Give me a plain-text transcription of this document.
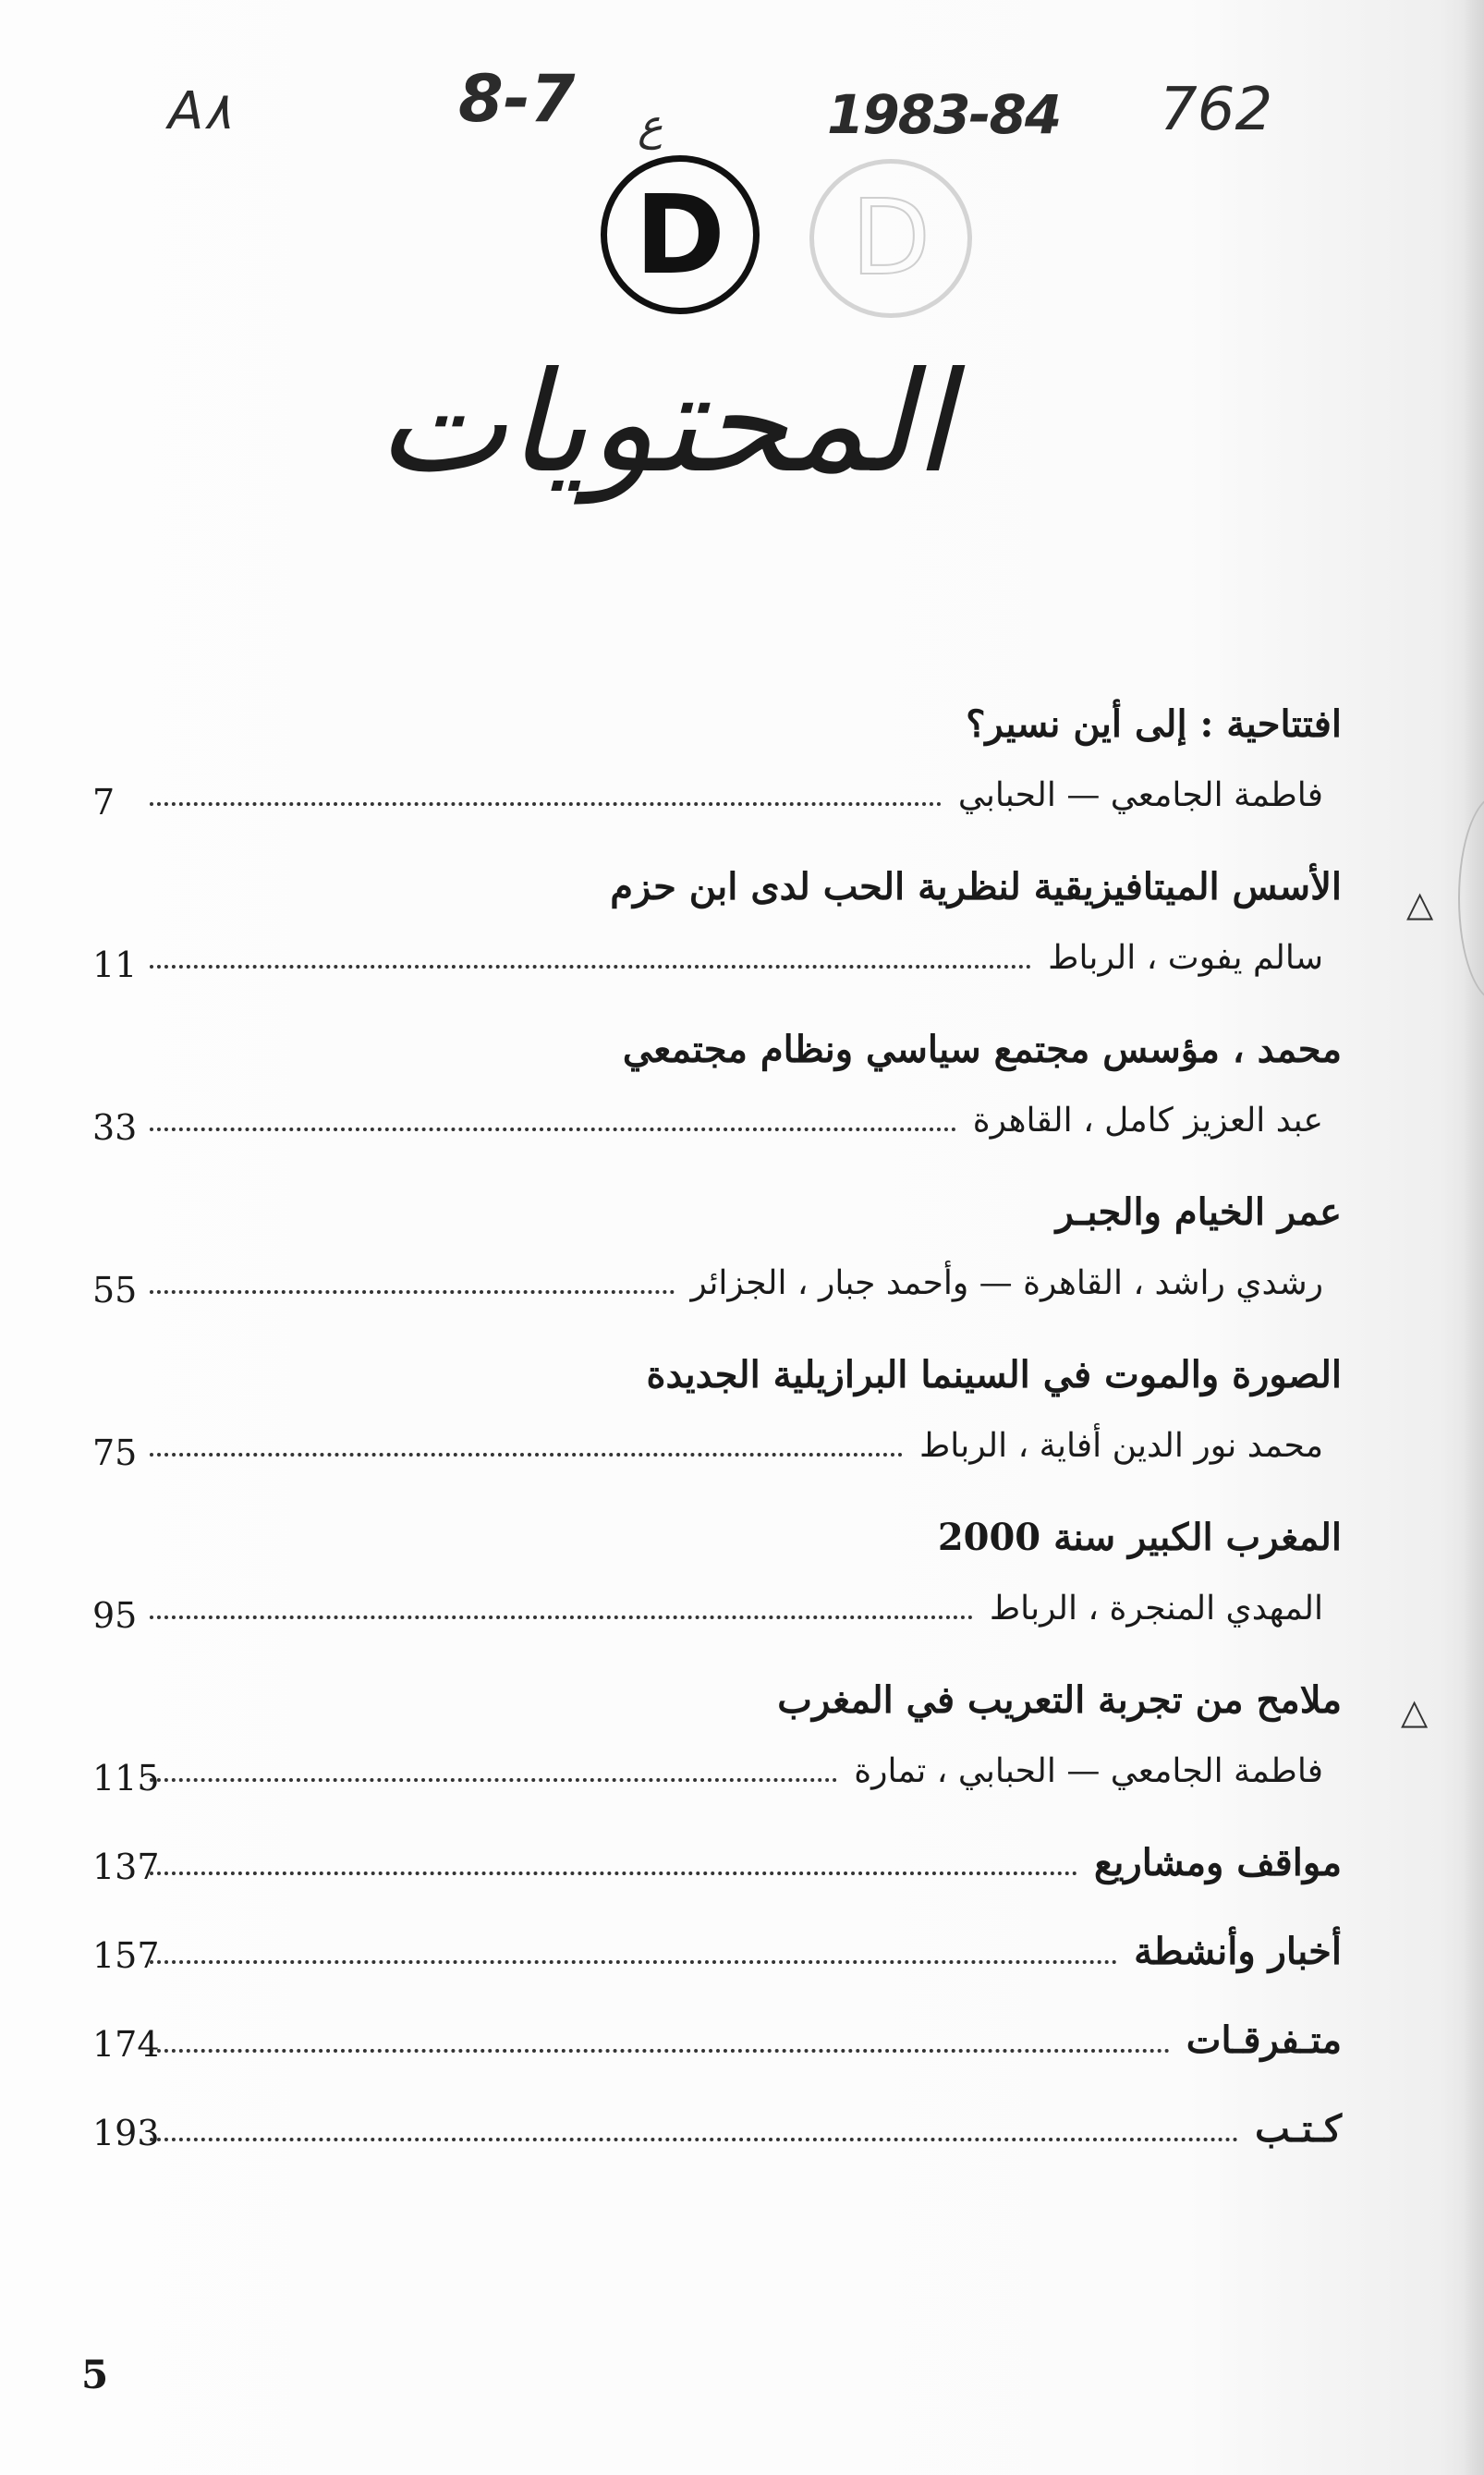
A٨	8-7 ع	1983-84 762
D D
المحتويات
△
△
افتتاحية : إلى أين نسير؟
فاطمة الجامعي — الحبابي
7
الأسس الميتافيزيقية لنظرية الحب لدى ابن حزم
سالم يفوت ، الرباط
11
محمد ، مؤسس مجتمع سياسي ونظام مجتمعي
عبد العزيز كامل ، القاهرة
33
عمر الخيام والجبـر
رشدي راشد ، القاهرة — وأحمد جبار ، الجزائر
55
الصورة والموت في السينما البرازيلية الجديدة
محمد نور الدين أفاية ، الرباط
75
المغرب الكبير سنة 2000
المهدي المنجرة ، الرباط
95
ملامح من تجربة التعريب في المغرب
فاطمة الجامعي — الحبابي ، تمارة
115
مواقف ومشاريع
137
أخبار وأنشطة
157
متـفرقـات
174
كـتـب
193
5
